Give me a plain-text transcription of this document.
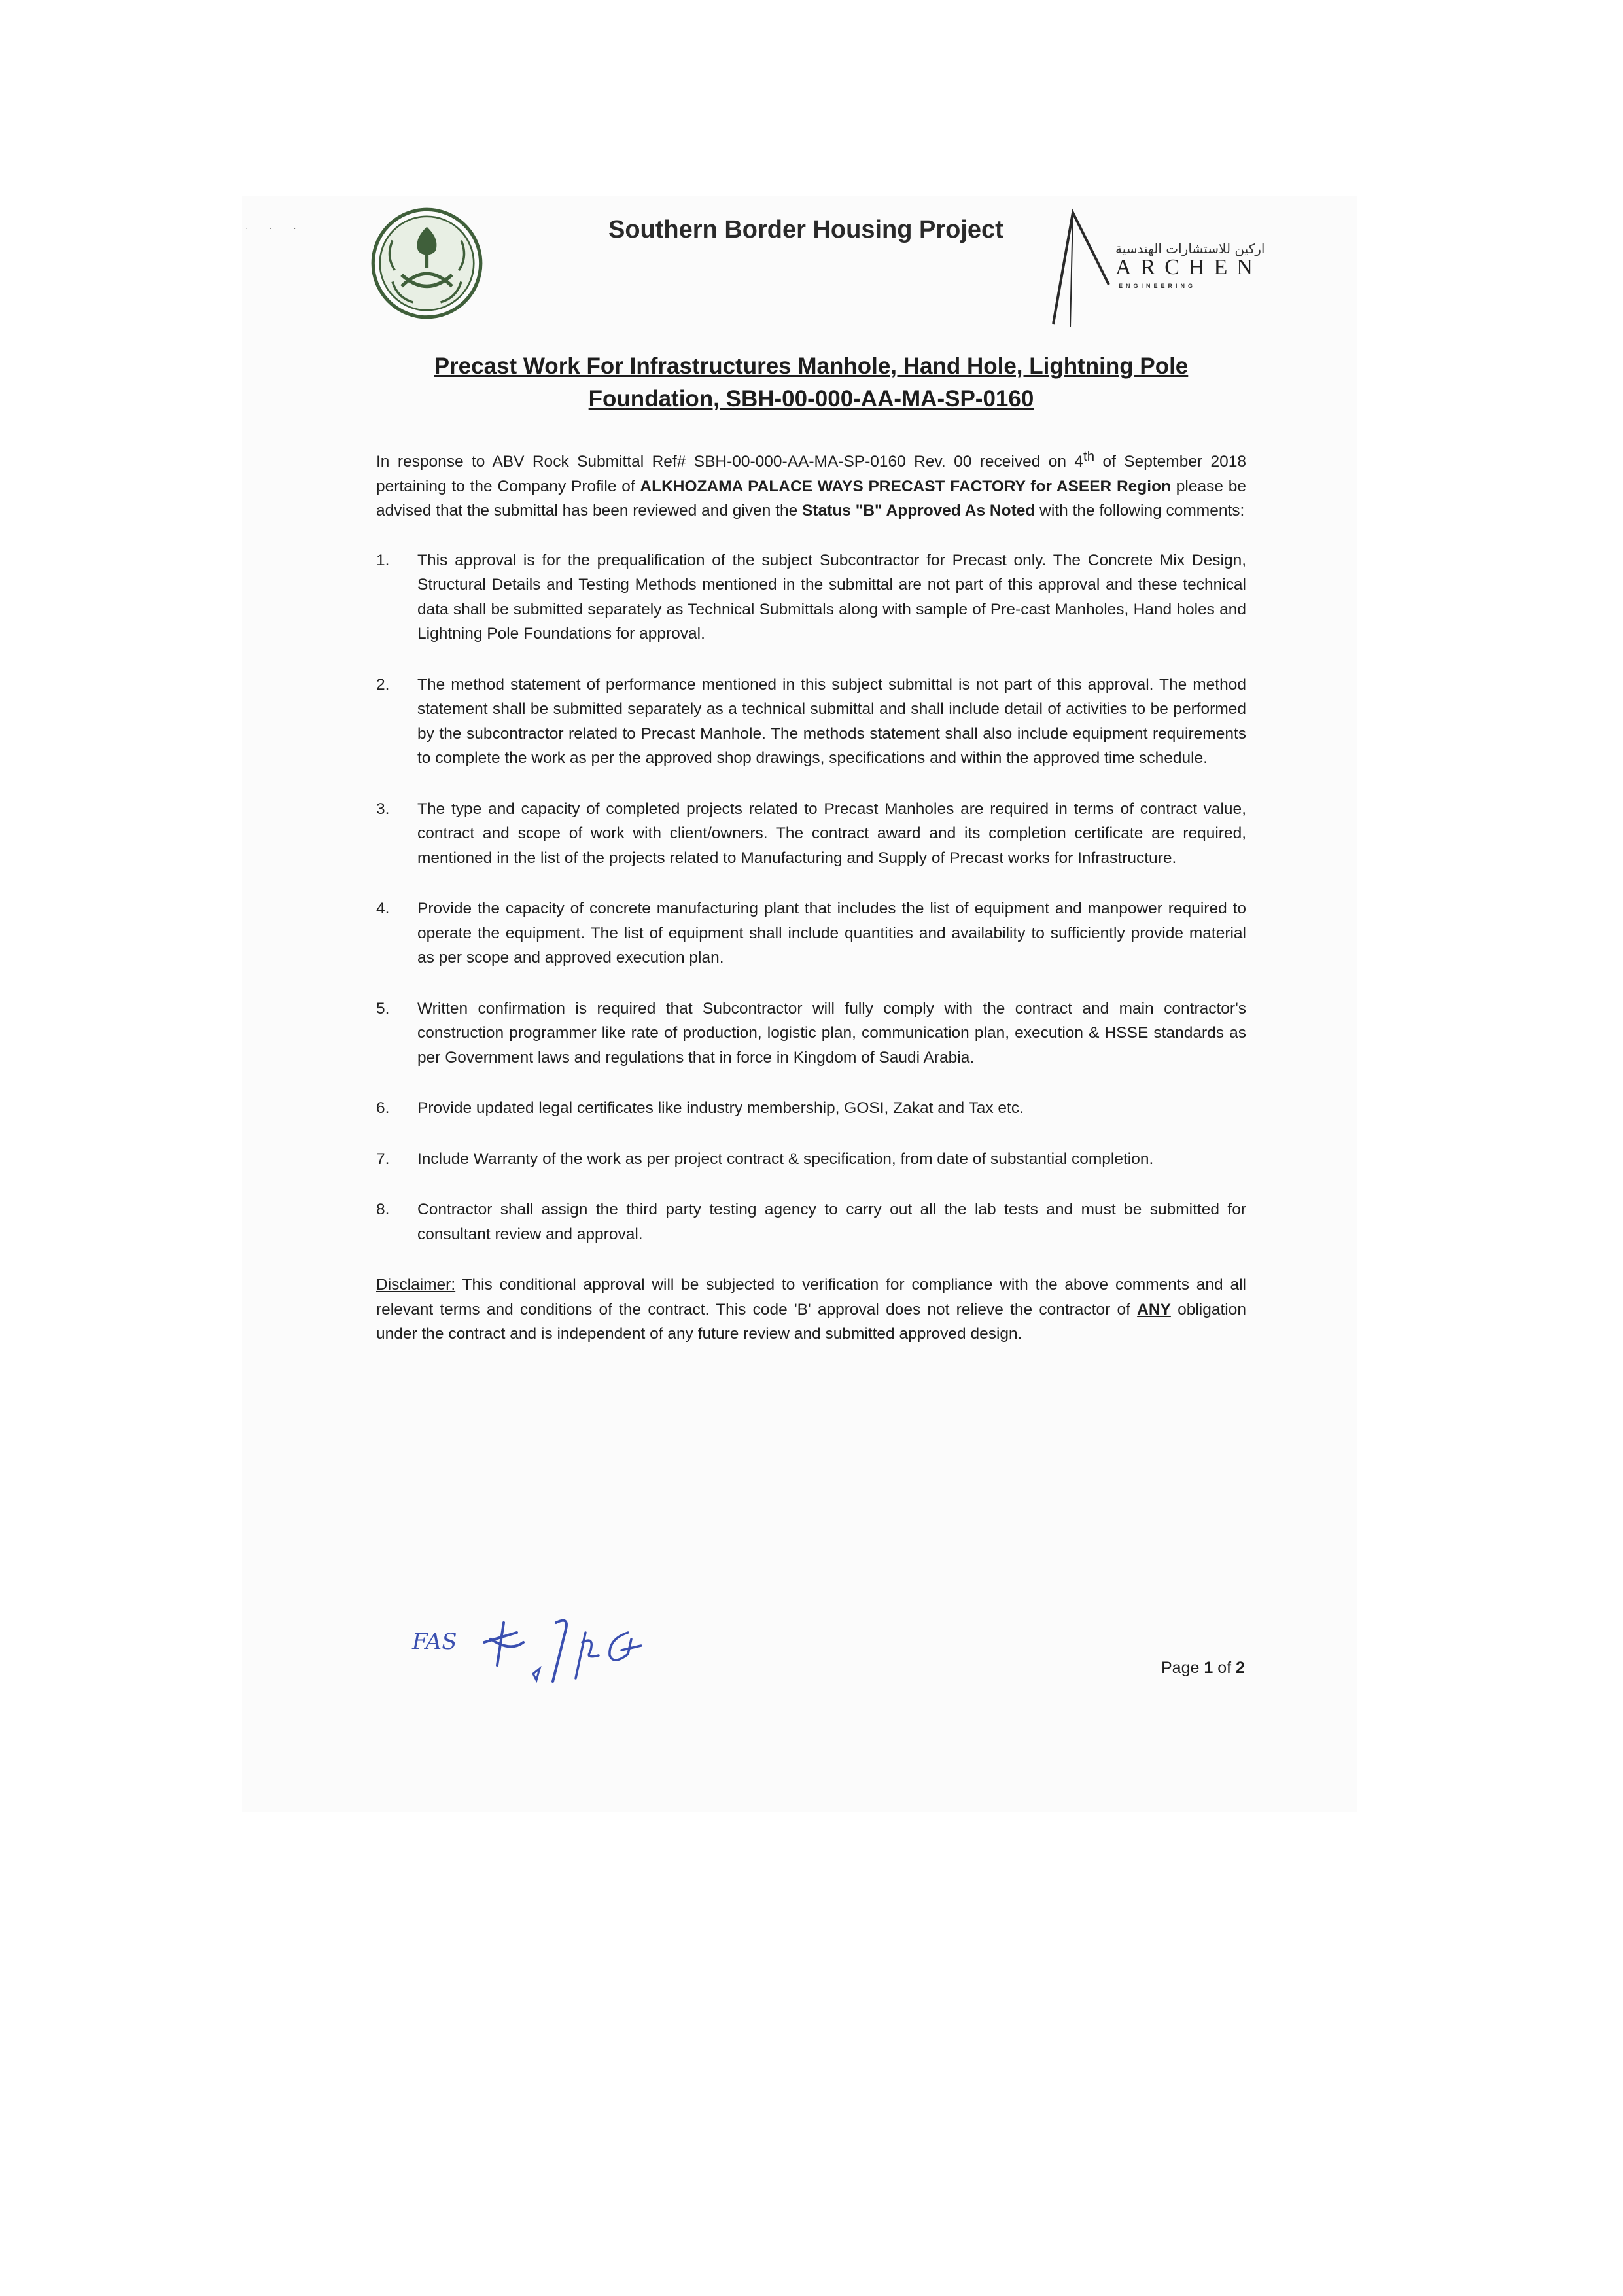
· · ·	Southern Border Housing Project
اركين للاستشارات الهندسية
ARCHEN
ENGINEERING
Precast Work For Infrastructures Manhole, Hand Hole, Lightning Pole
Foundation, SBH-00-000-AA-MA-SP-0160

In response to ABV Rock Submittal Ref# SBH-00-000-AA-MA-SP-0160 Rev. 00 received on 4th of September 2018 pertaining to the Company Profile of ALKHOZAMA PALACE WAYS PRECAST FACTORY for ASEER Region please be advised that the submittal has been reviewed and given the Status "B" Approved As Noted with the following comments:

1. This approval is for the prequalification of the subject Subcontractor for Precast only. The Concrete Mix Design, Structural Details and Testing Methods mentioned in the submittal are not part of this approval and these technical data shall be submitted separately as Technical Submittals along with sample of Pre-cast Manholes, Hand holes and Lightning Pole Foundations for approval.
2. The method statement of performance mentioned in this subject submittal is not part of this approval. The method statement shall be submitted separately as a technical submittal and shall include detail of activities to be performed by the subcontractor related to Precast Manhole. The methods statement shall also include equipment requirements to complete the work as per the approved shop drawings, specifications and within the approved time schedule.
3. The type and capacity of completed projects related to Precast Manholes are required in terms of contract value, contract and scope of work with client/owners. The contract award and its completion certificate are required, mentioned in the list of the projects related to Manufacturing and Supply of Precast works for Infrastructure.
4. Provide the capacity of concrete manufacturing plant that includes the list of equipment and manpower required to operate the equipment. The list of equipment shall include quantities and availability to sufficiently provide material as per scope and approved execution plan.
5. Written confirmation is required that Subcontractor will fully comply with the contract and main contractor's construction programmer like rate of production, logistic plan, communication plan, execution & HSSE standards as per Government laws and regulations that in force in Kingdom of Saudi Arabia.
6. Provide updated legal certificates like industry membership, GOSI, Zakat and Tax etc.
7. Include Warranty of the work as per project contract & specification, from date of substantial completion.
8. Contractor shall assign the third party testing agency to carry out all the lab tests and must be submitted for consultant review and approval.

Disclaimer: This conditional approval will be subjected to verification for compliance with the above comments and all relevant terms and conditions of the contract. This code 'B' approval does not relieve the contractor of ANY obligation under the contract and is independent of any future review and submitted approved design.

FAS
Page 1 of 2
